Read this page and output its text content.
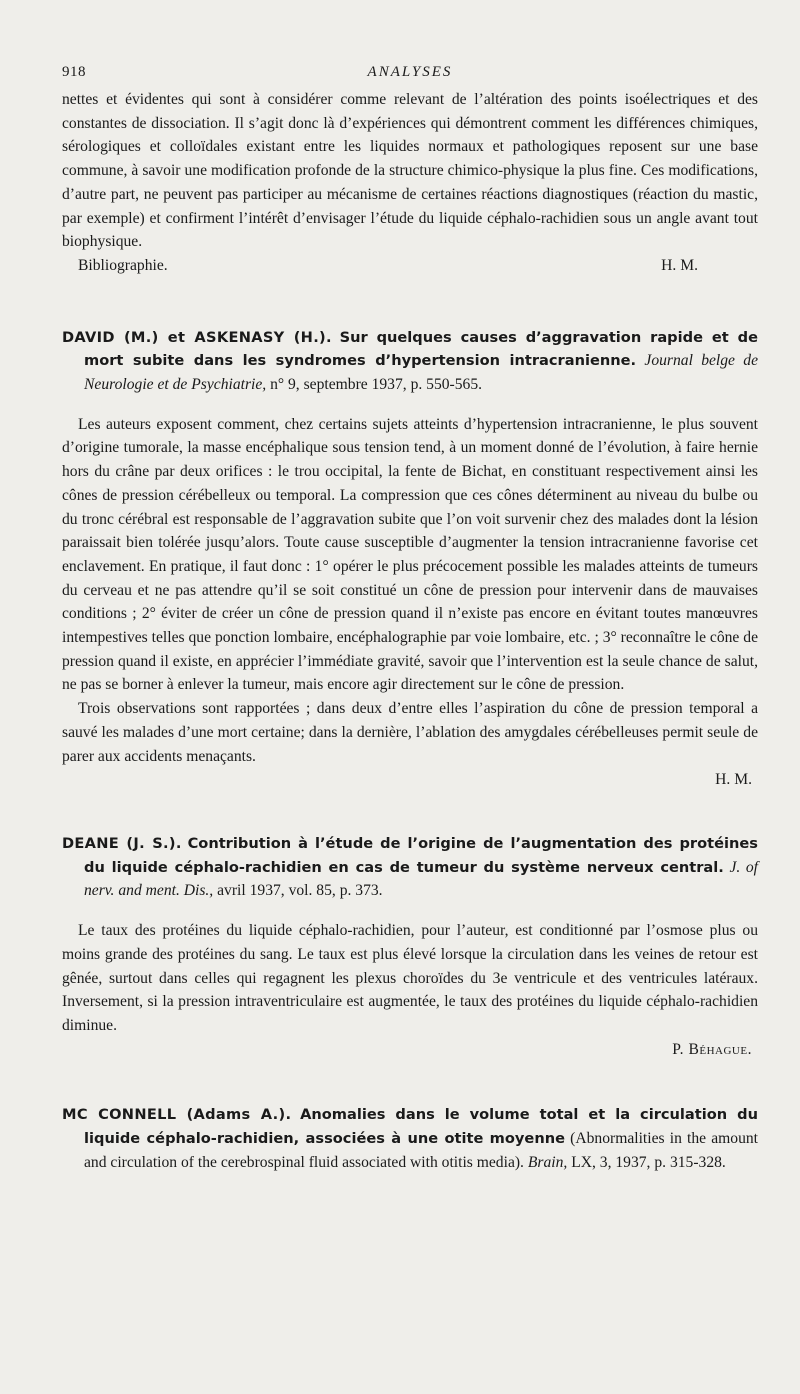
918	ANALYSES

nettes et évidentes qui sont à considérer comme relevant de l’altération des points isoélectriques et des constantes de dissociation. Il s’agit donc là d’expériences qui démontrent comment les différences chimiques, sérologiques et colloïdales existant entre les liquides normaux et pathologiques reposent sur une base commune, à savoir une modification profonde de la structure chimico-physique la plus fine. Ces modifications, d’autre part, ne peuvent pas participer au mécanisme de certaines réactions diagnostiques (réaction du mastic, par exemple) et confirment l’intérêt d’envisager l’étude du liquide céphalo-rachidien sous un angle avant tout biophysique.

Bibliographie.	H. M.

DAVID (M.) et ASKENASY (H.). Sur quelques causes d’aggravation rapide et de mort subite dans les syndromes d’hypertension intracranienne. Journal belge de Neurologie et de Psychiatrie, n° 9, septembre 1937, p. 550-565.

Les auteurs exposent comment, chez certains sujets atteints d’hypertension intracranienne, le plus souvent d’origine tumorale, la masse encéphalique sous tension tend, à un moment donné de l’évolution, à faire hernie hors du crâne par deux orifices : le trou occipital, la fente de Bichat, en constituant respectivement ainsi les cônes de pression cérébelleux ou temporal. La compression que ces cônes déterminent au niveau du bulbe ou du tronc cérébral est responsable de l’aggravation subite que l’on voit survenir chez des malades dont la lésion paraissait bien tolérée jusqu’alors. Toute cause susceptible d’augmenter la tension intracranienne favorise cet enclavement. En pratique, il faut donc : 1° opérer le plus précocement possible les malades atteints de tumeurs du cerveau et ne pas attendre qu’il se soit constitué un cône de pression pour intervenir dans de mauvaises conditions ; 2° éviter de créer un cône de pression quand il n’existe pas encore en évitant toutes manœuvres intempestives telles que ponction lombaire, encéphalographie par voie lombaire, etc. ; 3° reconnaître le cône de pression quand il existe, en apprécier l’immédiate gravité, savoir que l’intervention est la seule chance de salut, ne pas se borner à enlever la tumeur, mais encore agir directement sur le cône de pression.

Trois observations sont rapportées ; dans deux d’entre elles l’aspiration du cône de pression temporal a sauvé les malades d’une mort certaine; dans la dernière, l’ablation des amygdales cérébelleuses permit seule de parer aux accidents menaçants.

H. M.

DEANE (J. S.). Contribution à l’étude de l’origine de l’augmentation des protéines du liquide céphalo-rachidien en cas de tumeur du système nerveux central. J. of nerv. and ment. Dis., avril 1937, vol. 85, p. 373.

Le taux des protéines du liquide céphalo-rachidien, pour l’auteur, est conditionné par l’osmose plus ou moins grande des protéines du sang. Le taux est plus élevé lorsque la circulation dans les veines de retour est gênée, surtout dans celles qui regagnent les plexus choroïdes du 3e ventricule et des ventricules latéraux. Inversement, si la pression intraventriculaire est augmentée, le taux des protéines du liquide céphalo-rachidien diminue.

P. Béhague.

MC CONNELL (Adams A.). Anomalies dans le volume total et la circulation du liquide céphalo-rachidien, associées à une otite moyenne (Abnormalities in the amount and circulation of the cerebrospinal fluid associated with otitis media). Brain, LX, 3, 1937, p. 315-328.
